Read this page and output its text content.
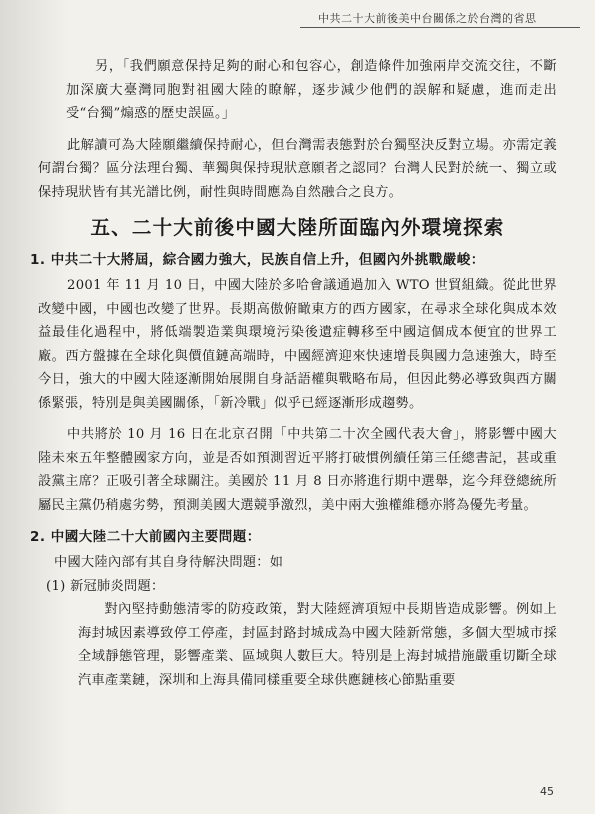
中共二十大前後美中台關係之於台灣的省思

另，「我們願意保持足夠的耐心和包容心，創造條件加強兩岸交流交往，不斷加深廣大臺灣同胞對祖國大陸的瞭解，逐步減少他們的誤解和疑慮，進而走出受“台獨”煽惑的歷史誤區。」

此解讀可為大陸願繼續保持耐心，但台灣需表態對於台獨堅決反對立場。亦需定義何謂台獨？區分法理台獨、華獨與保持現狀意願者之認同？台灣人民對於統一、獨立或保持現狀皆有其光譜比例，耐性與時間應為自然融合之良方。

五、二十大前後中國大陸所面臨內外環境探索
1. 中共二十大將屆，綜合國力強大，民族自信上升，但國內外挑戰嚴峻：

2001 年 11 月 10 日，中國大陸於多哈會議通過加入 WTO 世貿組織。從此世界改變中國，中國也改變了世界。長期高傲俯瞰東方的西方國家，在尋求全球化與成本效益最佳化過程中，將低端製造業與環境污染後遺症轉移至中國這個成本便宜的世界工廠。西方盤據在全球化與價值鏈高端時，中國經濟迎來快速增長與國力急速強大，時至今日，強大的中國大陸逐漸開始展開自身話語權與戰略布局，但因此勢必導致與西方關係緊張，特別是與美國關係，「新冷戰」似乎已經逐漸形成趨勢。

中共將於 10 月 16 日在北京召開「中共第二十次全國代表大會」，將影響中國大陸未來五年整體國家方向，並是否如預測習近平將打破慣例續任第三任總書記，甚或重設黨主席？正吸引著全球關注。美國於 11 月 8 日亦將進行期中選舉，迄今拜登總統所屬民主黨仍稍處劣勢，預測美國大選競爭激烈，美中兩大強權維穩亦將為優先考量。

2. 中國大陸二十大前國內主要問題：

中國大陸內部有其自身待解決問題：如

(1) 新冠肺炎問題：

對內堅持動態清零的防疫政策，對大陸經濟項短中長期皆造成影響。例如上海封城因素導致停工停產，封區封路封城成為中國大陸新常態，多個大型城市採全域靜態管理，影響產業、區域與人數巨大。特別是上海封城措施嚴重切斷全球汽車產業鏈，深圳和上海具備同樣重要全球供應鏈核心節點重要

45
